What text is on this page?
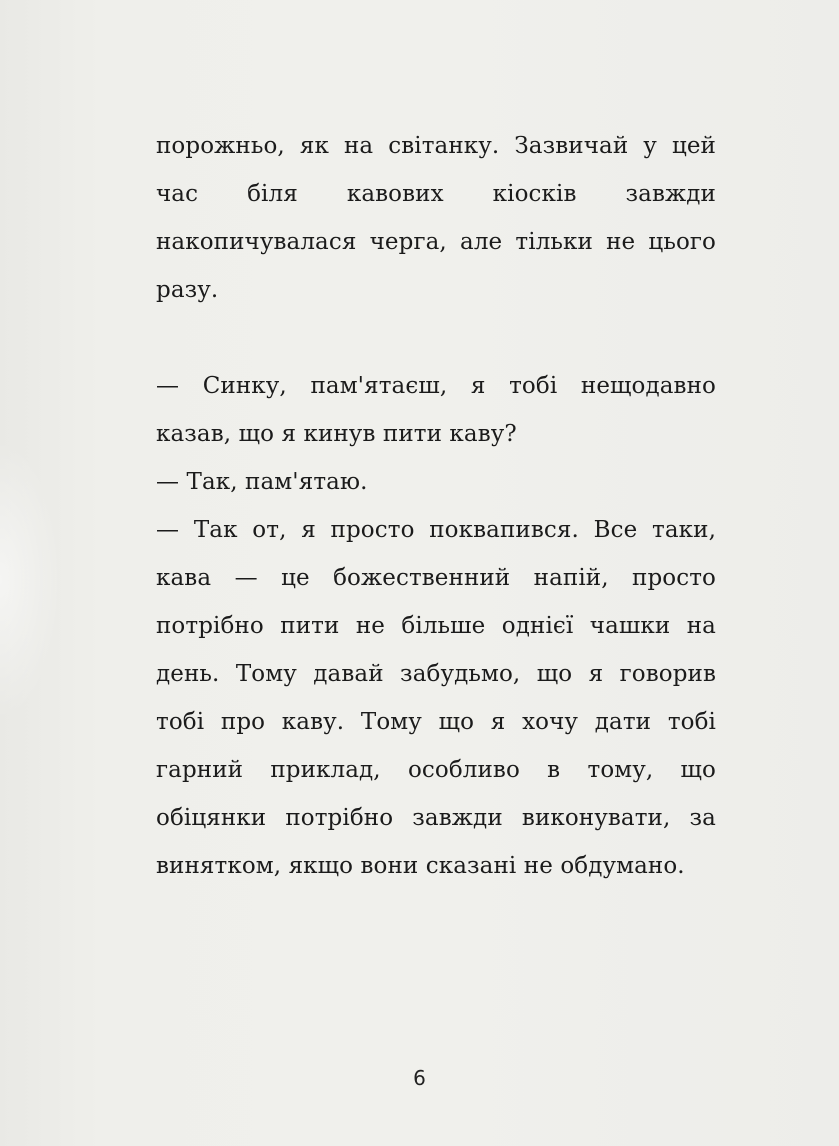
порожньо, як на світанку. Зазвичай у цей час біля кавових кіосків завжди накопичувалася черга, але тільки не цього разу.

— Синку, пам'ятаєш, я тобі нещодавно казав, що я кинув пити каву?

— Так, пам'ятаю.

— Так от, я просто поквапився. Все таки, кава — це божественний напій, просто потрібно пити не більше однієї чашки на день. Тому давай забудьмо, що я говорив тобі про каву. Тому що я хочу дати тобі гарний приклад, особливо в тому, що обіцянки потрібно завжди виконувати, за винятком, якщо вони сказані не обдумано.

6
